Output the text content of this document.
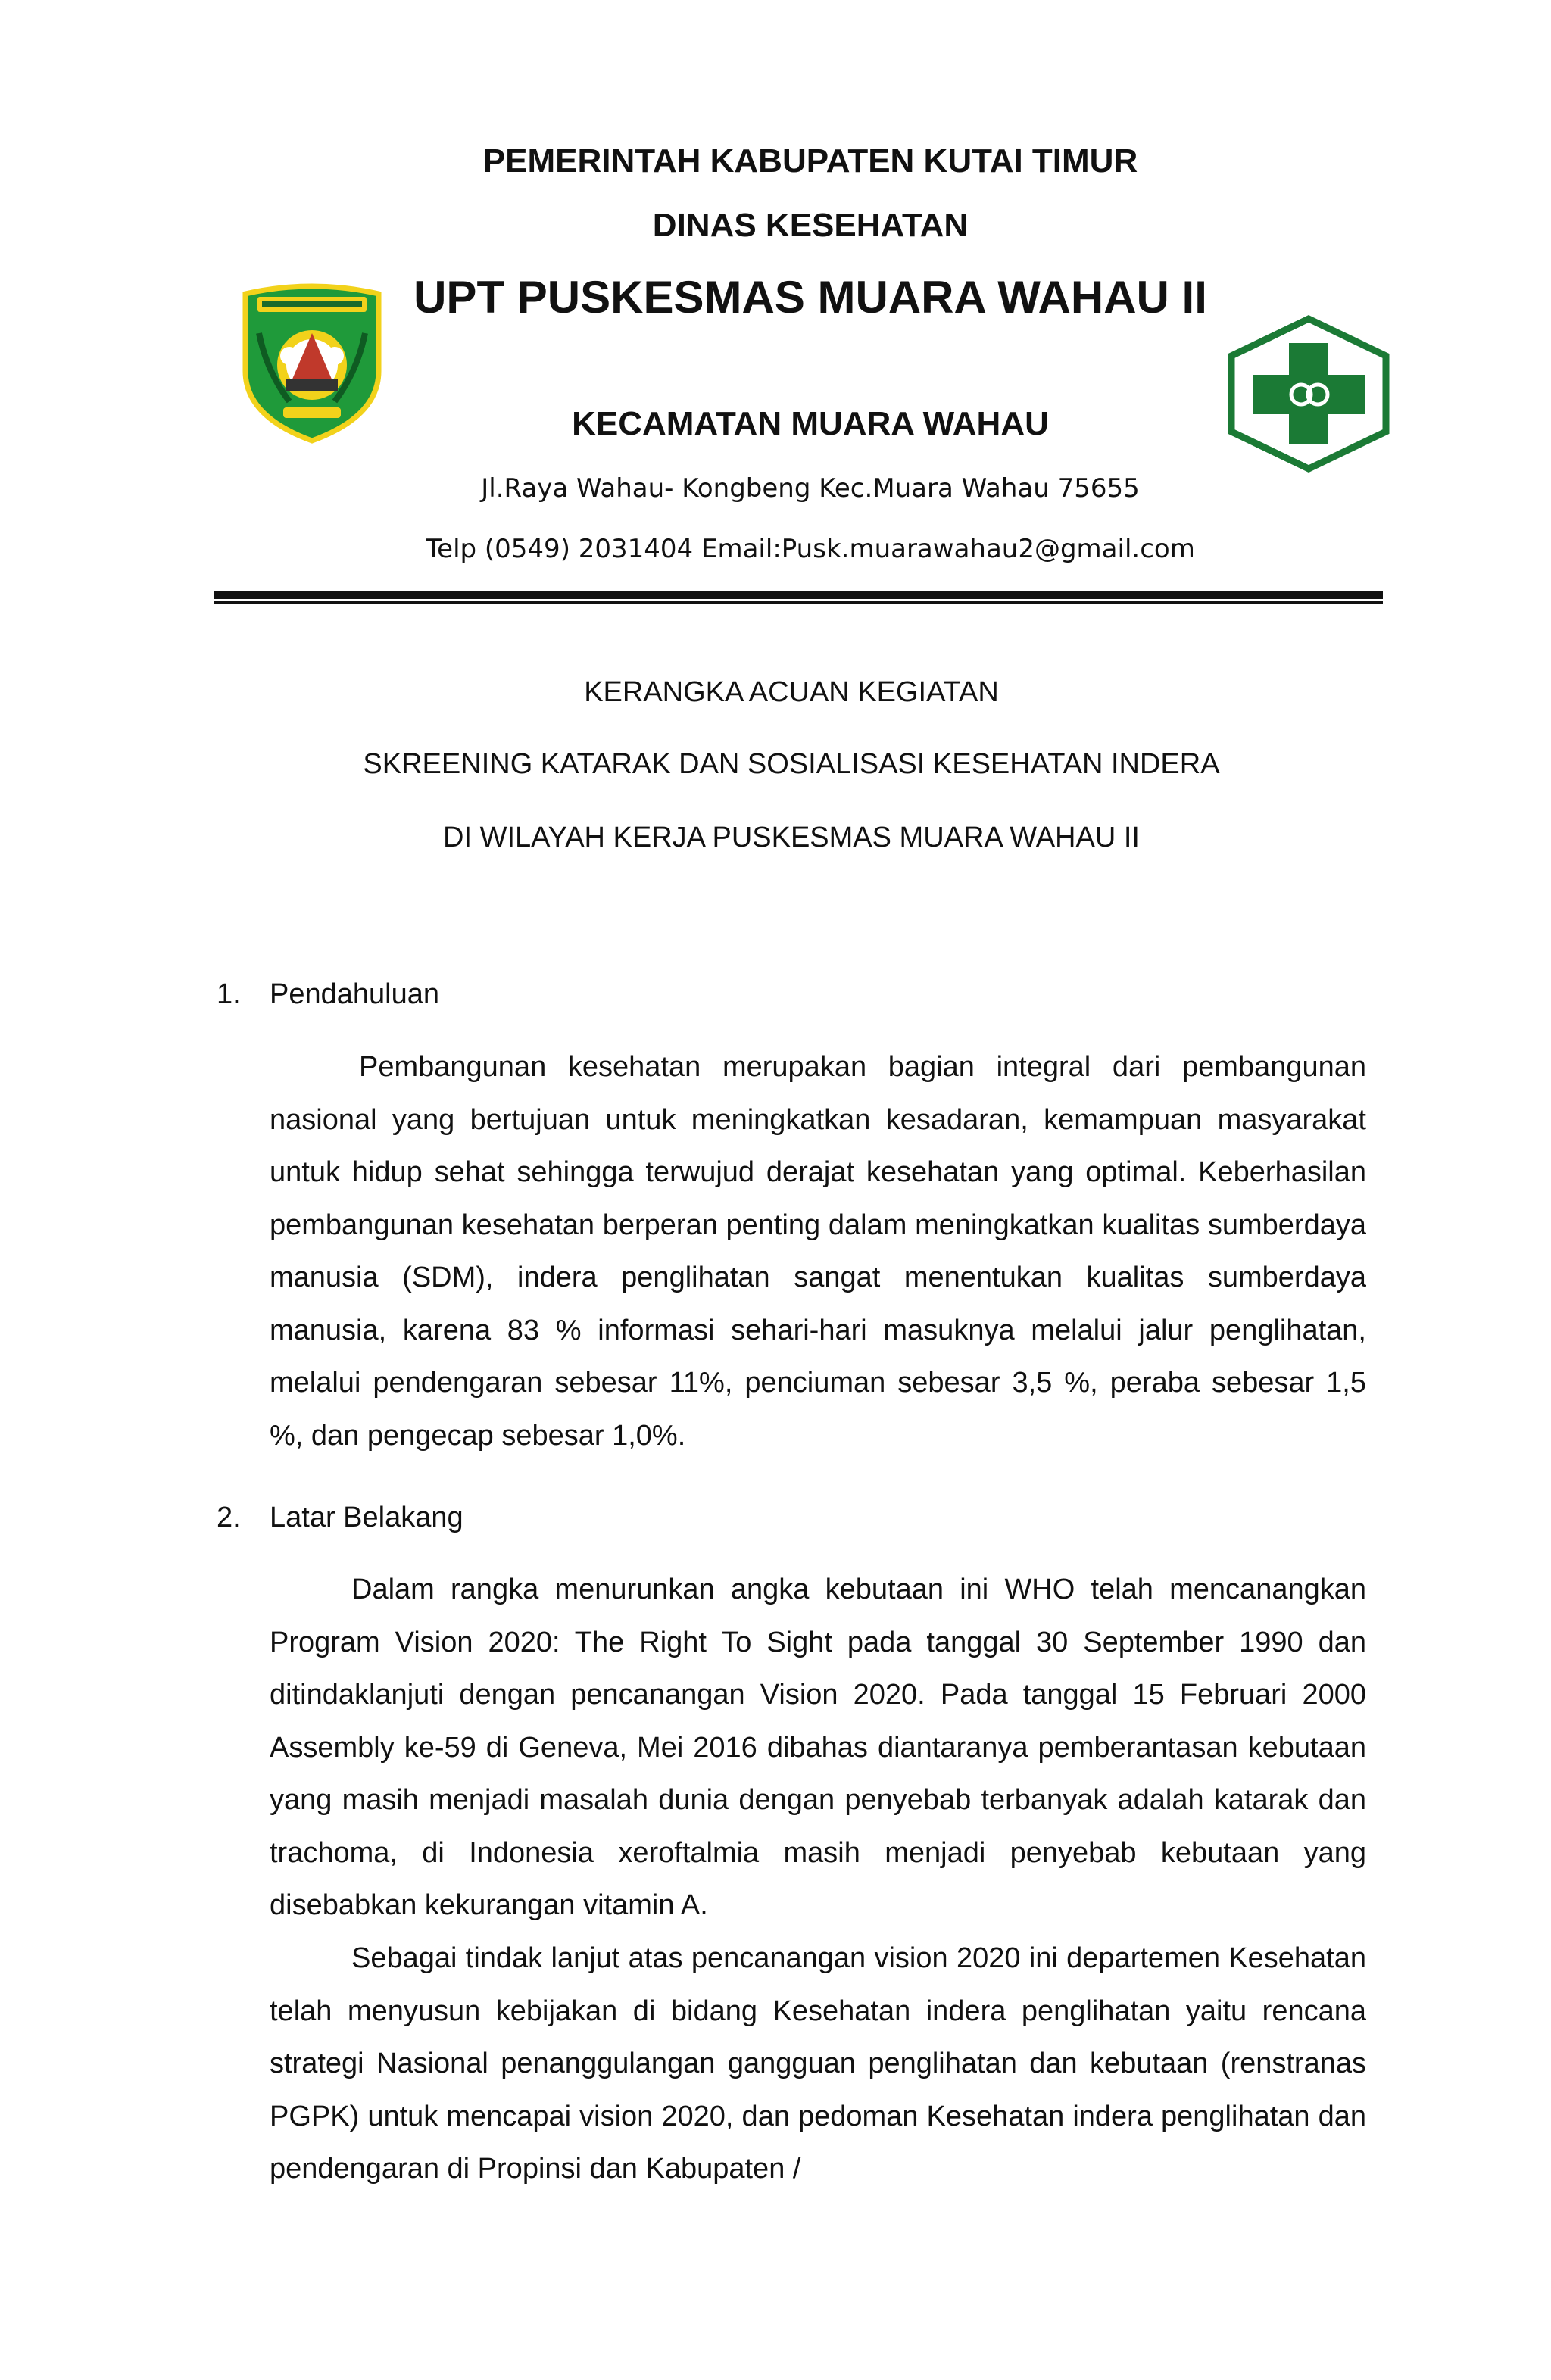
PEMERINTAH KABUPATEN KUTAI TIMUR
DINAS KESEHATAN
UPT PUSKESMAS MUARA WAHAU II
KECAMATAN MUARA WAHAU
Jl.Raya Wahau- Kongbeng Kec.Muara Wahau 75655
Telp (0549) 2031404 Email:Pusk.muarawahau2@gmail.com
KERANGKA ACUAN KEGIATAN
SKREENING KATARAK DAN SOSIALISASI KESEHATAN INDERA
DI WILAYAH KERJA PUSKESMAS MUARA WAHAU II
1. Pendahuluan

Pembangunan kesehatan merupakan bagian integral dari pembangunan nasional yang bertujuan untuk meningkatkan kesadaran, kemampuan masyarakat untuk hidup sehat sehingga terwujud derajat kesehatan yang optimal. Keberhasilan pembangunan kesehatan berperan penting dalam meningkatkan kualitas sumberdaya manusia (SDM), indera penglihatan sangat menentukan kualitas sumberdaya manusia, karena 83 % informasi sehari-hari masuknya melalui jalur penglihatan, melalui pendengaran sebesar 11%, penciuman sebesar 3,5 %, peraba sebesar 1,5 %, dan pengecap sebesar 1,0%.

2. Latar Belakang

Dalam rangka menurunkan angka kebutaan ini WHO telah mencanangkan Program Vision 2020: The Right To Sight pada tanggal 30 September 1990 dan ditindaklanjuti dengan pencanangan Vision 2020. Pada tanggal 15 Februari 2000 Assembly ke-59 di Geneva, Mei 2016 dibahas diantaranya pemberantasan kebutaan yang masih menjadi masalah dunia dengan penyebab terbanyak adalah katarak dan trachoma, di Indonesia xeroftalmia masih menjadi penyebab kebutaan yang disebabkan kekurangan vitamin A.

Sebagai tindak lanjut atas pencanangan vision 2020 ini departemen Kesehatan telah menyusun kebijakan di bidang Kesehatan indera penglihatan yaitu rencana strategi Nasional penanggulangan gangguan penglihatan dan kebutaan (renstranas PGPK) untuk mencapai vision 2020, dan pedoman Kesehatan indera penglihatan dan pendengaran di Propinsi dan Kabupaten /
